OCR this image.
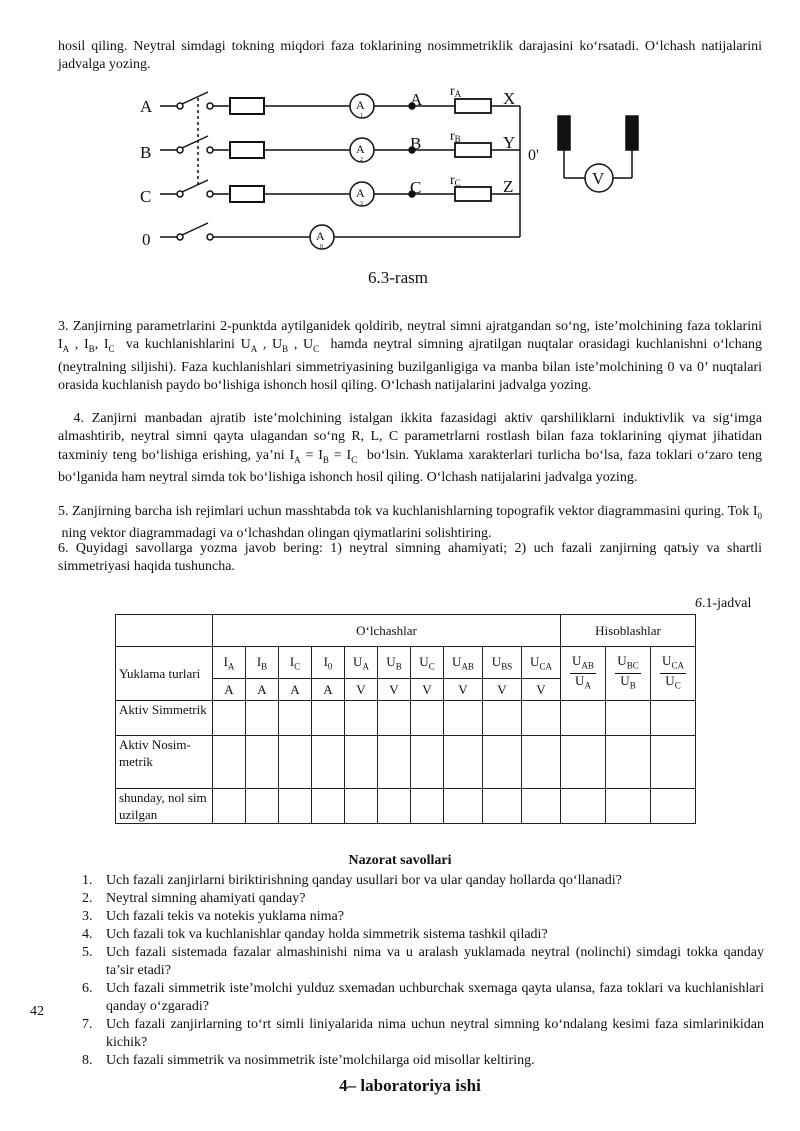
hosil qiling. Neytral simdagi tokning miqdori faza toklarining nosimmetriklik darajasini ko‘rsatadi. O‘lchash natijalarini jadvalga yozing.
A
B
C
0
A
1
A
2
A
3
A
0
A
B
C
rA
rB
rC
X
Y
Z
0'
V
6.3-rasm
3. Zanjirning parametrlarini 2-punktda aytilganidek qoldirib, neytral simni ajratgandan so‘ng, iste’molchining faza toklarini $I_A$ , $I_B$, $I_C$  va kuchlanishlarini $U_A$ , $U_B$ , $U_C$  hamda neytral simning ajratilgan nuqtalar orasidagi kuchlanishni o‘lchang (neytralning siljishi). Faza kuchlanishlari simmetriyasining buzilganligiga va manba bilan iste’molchining 0 va 0’ nuqtalari orasida kuchlanish paydo bo‘lishiga ishonch hosil qiling. O‘lchash natijalarini jadvalga yozing.
4. Zanjirni manbadan ajratib iste’molchining istalgan ikkita fazasidagi aktiv qarshiliklarni induktivlik va sig‘imga almashtirib, neytral simni qayta ulagandan so‘ng R, L, C parametrlarni rostlash bilan faza toklarining qiymat jihatidan taxminiy teng bo‘lishiga erishing, ya’ni $I_A = I_B = I_C$  bo‘lsin. Yuklama xarakterlari turlicha bo‘lsa, faza toklari o‘zaro teng bo‘lganida ham neytral simda tok bo‘lishiga ishonch hosil qiling. O‘lchash natijalarini jadvalga yozing.
5. Zanjirning barcha ish rejimlari uchun masshtabda tok va kuchlanishlarning topografik vektor diagrammasini quring. Tok $I_0$  ning vektor diagrammadagi va o‘lchashdan olingan qiymatlarini solishtiring.
6. Quyidagi savollarga yozma javob bering: 1) neytral simning ahamiyati; 2) uch fazali zanjirning qatъiy va shartli simmetriyasi haqida tushuncha.
6.1-jadval
	O‘lchashlar										Hisoblashlar		
Yuklama turlari	$I_A$	$I_B$	$I_C$	$I_0$	$U_A$	$U_B$	$U_C$	$U_{AB}$	$U_{BS}$	$U_{CA}$	$\frac{U_{AB}}{U_A}$	$\frac{U_{BC}}{U_B}$	$\frac{U_{CA}}{U_C}$

	A	A	A	A	V	V	V	V	V	V			
Aktiv Simmetrik													
Aktiv Nosim-metrik													
shunday, nol sim uzilgan													
Nazorat savollari
1. Uch fazali zanjirlarni biriktirishning qanday usullari bor va ular qanday hollarda qo‘llanadi?
2. Neytral simning ahamiyati qanday?
3. Uch fazali tekis va notekis yuklama nima?
4. Uch fazali tok va kuchlanishlar qanday holda simmetrik sistema tashkil qiladi?
5. Uch fazali sistemada fazalar almashinishi nima va u aralash yuklamada neytral (nolinchi) simdagi tokka qanday ta’sir etadi?
6. Uch fazali simmetrik iste’molchi yulduz sxemadan uchburchak sxemaga qayta ulansa, faza toklari va kuchlanishlari qanday o‘zgaradi?
7. Uch fazali zanjirlarning to‘rt simli liniyalarida nima uchun neytral simning ko‘ndalang kesimi faza simlarinikidan kichik?
8. Uch fazali simmetrik va nosimmetrik iste’molchilarga oid misollar keltiring.
42
4– laboratoriya ishi
